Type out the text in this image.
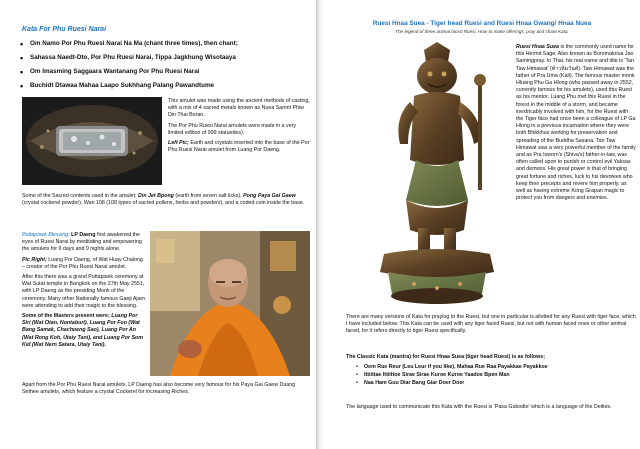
Kata For Phu Ruesi Narai
• Om Namo Por Phu Ruesi Narai Na Ma (chant three times), then chant;
• Sahassa Naedt-Dto, Por Phu Ruesi Narai, Tippa Jagkhung Wisotaaya
• Om Imasming Saggaara Wantanang Por Phu Ruesi Narai
• Buchidt Dtawaa Mahaa Laapo Sukhhang Palang Pawandtume

This amulet was made using the ancient methods of casting, with a mix of 4 sacred metals known as Nuea Samrit Phiw Din Thai Boran.

The Por Phu Ruesi Narai amulets were made in a very limited edition of 999 statuettes).

Left Pic; Earth and crystals inserted into the base of the Por Phu Ruesi Narai amulet from Luang Por Daeng.

Some of the Sacred contents used in the amulet; Din Jet Bpong (earth from seven salt licks), Pong Paya Gai Gaew (crystal cockerel powder), Wan 108 (108 types of sacred pollens, herbs and powders), and a coded coin inside the base.

Puttapisek Blessing; LP Daeng first awakened the eyes of Ruesi Narai by meditating and empowering the amulets for 9 days and 9 nights alone.

Pic Right; Luang Por Daeng, of Wat Huay Chalong – creator of the Por Phu Ruesi Narai amulet.

After this there was a grand Puttapisek ceremony at Wat Sutat temple in Bangkok on the 27th May 2551, with LP Daeng as the presiding Monk of the ceremony. Many other Nationally famous Gaeji Ajarn were attending to add their magic to the blessing.

Some of the Masters present were; Luang Por Siri (Wat Otan, Nontaburi), Luang Por Foo (Wat Bang Samak, Chachoeng Sao), Luang Por An (Wat Rong Koh, Utaiy Tani), and Luang Por Som Kid (Wat Nern Satara, Utaiy Tani).

Apart from the Por Phu Ruesi Narai amulets, LP Daeng has also become very famous for his Paya Gai Gaew Duang Sethee amulets, which feature a crystal Cockerel for increasing Riches.
Ruesi Hnaa Suea - Tiger head Ruesi and Ruesi Hnaa Gwang/ Hnaa Nuea
The legend of three animal faced Ruesi, How to make offerings, pray and chant Kata.

Ruesi Hnaa Suea is the commonly used name for this Hermit Sage. Also known as Boromakriua Jao Samingpray. In Thai, his real name and title is 'Tan Taw Himawat' (ท้าวหิมวันต์). Taw Himawat was the father of Pra Uma (Kali). The famous master monk Hluang Phu Ga Hlong (who passed away in 2552, currently famous for his amulets), used this Ruesi as his mentor. Luang Phu met this Ruesi in the forest in the middle of a storm, and became inextricably involved with him, for the Ruesi with the Tiger face had once been a colleague of LP Ga Hlong in a previous incarnation where they were both Bhikkhus working for preservation and spreading of the Buddha Sasana. Tan Taw Himawat was a very powerful member of the family and as Pra Isworn's (Shiva's) father-in-law, was often called upon to punish or control evil Yaksas and demons. His great power is that of bringing great fortune and riches, luck to his devotees who keep their precepts and revere him properly, as well as having extreme Kong Grapan magic to protect you from dangers and enemies.

There are many versions of Kata for praying to the Ruesi, but one in particular is allotted for any Ruesi with tiger face, which I have included below. This Kata can be used with any tiger faced Ruesi, but not with human faced ones or other animal faced, for it refers directly to tiger Ruesi specifically.

The Classic Kata (mantra) for Ruesi Hnaa Suea (tiger head Ruesi) is as follows;

• Oem Rue Reur (Leu Leur if you like), Mahaa Rue Raa Payakkae Payakkoe
• Ittiittae Ittiittoe Sirae Sirae Kuroe Kuroe Yaadoe Bpen Man
• Naa Ham Guu Diar Bang Giar Doer Doer
The language used to communicate this Kata with the Ruesi is 'Pasa Gubodte' which is a language of the Deities.
